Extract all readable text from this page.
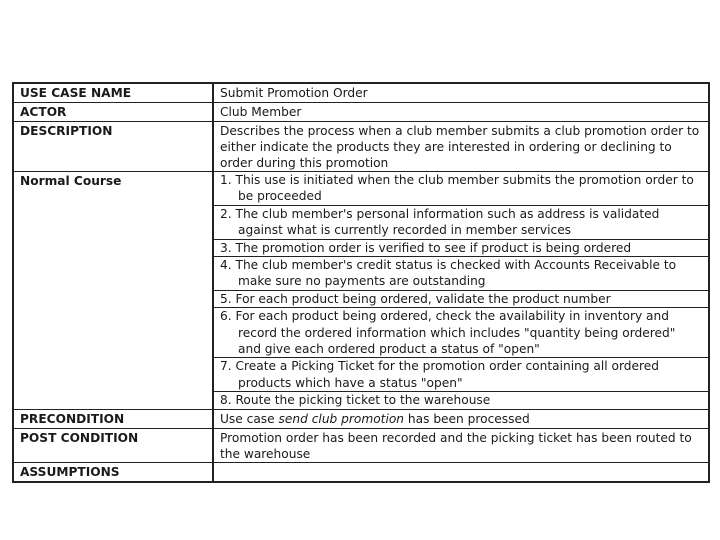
USE CASE NAME	Submit Promotion Order
ACTOR	Club Member
DESCRIPTION	Describes the process when a club member submits a club promotion order to either indicate the products they are interested in ordering or declining to order during this promotion
Normal Course	1. This use is initiated when the club member submits the promotion order to be proceeded
2. The club member's personal information such as address is validated against what is currently recorded in member services
3. The promotion order is verified to see if product is being ordered
4. The club member's credit status is checked with Accounts Receivable to make sure no payments are outstanding
5. For each product being ordered, validate the product number
6. For each product being ordered, check the availability in inventory and record the ordered information which includes "quantity being ordered" and give each ordered product a status of "open"
7. Create a Picking Ticket for the promotion order containing all ordered products which have a status "open"
8. Route the picking ticket to the warehouse
PRECONDITION	Use case send club promotion has been processed
POST CONDITION	Promotion order has been recorded and the picking ticket has been routed to the warehouse
ASSUMPTIONS
